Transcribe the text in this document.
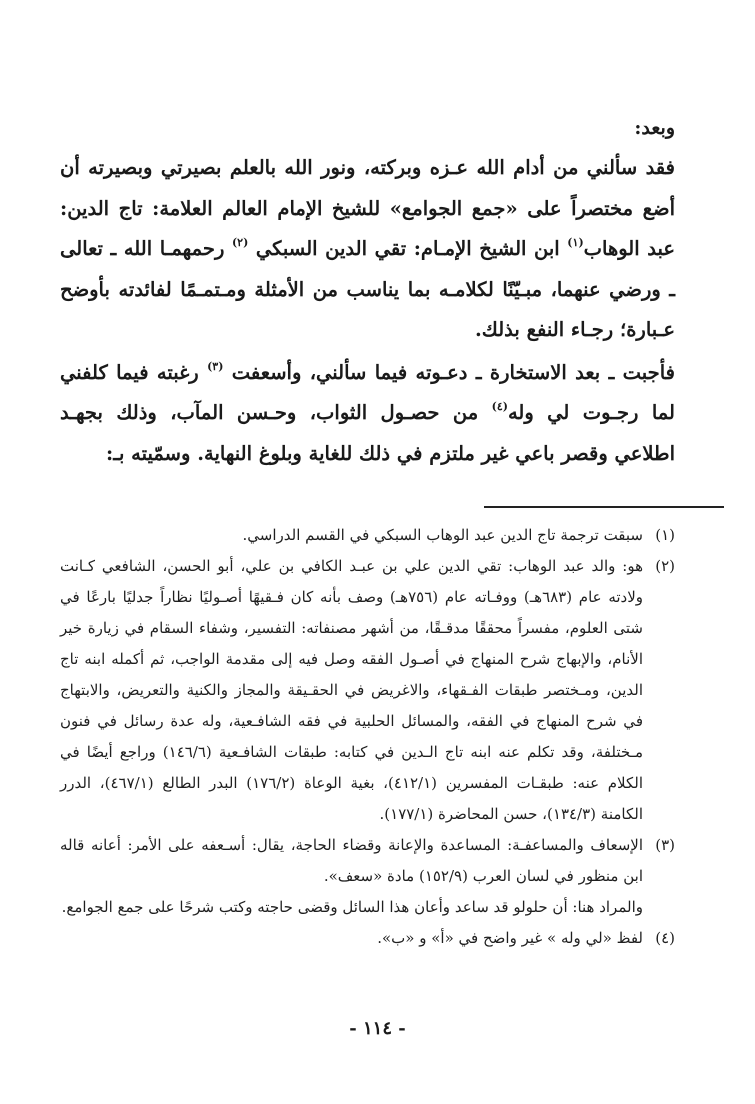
وبعد:

فقد سألني من أدام الله عـزه وبركته، ونور الله بالعلم بصيرتي وبصيرته أن أضع مختصراً على «جمع الجوامع» للشيخ الإمام العالم العلامة: تاج الدين: عبد الوهاب$^{(١)}$ ابن الشيخ الإمـام: تقي الدين السبكي $^{(٢)}$ رحمهمـا الله ـ تعالى ـ ورضي عنهما، مبـيّنًا لكلامـه بما يناسب من الأمثلة ومـتمـمًا لفائدته بأوضح عـبارة؛ رجـاء النفع بذلك.

فأجبت ـ بعد الاستخارة ـ دعـوته فيما سألني، وأسعفت $^{(٣)}$ رغبته فيما كلفني لما رجـوت لي وله$^{(٤)}$ من حصـول الثواب، وحـسن المآب، وذلك بجهـد اطلاعي وقصر باعي غير ملتزم في ذلك للغاية وبلوغ النهاية. وسمّيته بـ:

(١)
سبقت ترجمة تاج الدين عبد الوهاب السبكي في القسم الدراسي.

(٢)
هو: والد عبد الوهاب: تقي الدين علي بن عبـد الكافي بن علي، أبو الحسن، الشافعي كـانت ولادته عام (٦٨٣هـ) ووفـاته عام (٧٥٦هـ) وصف بأنه كان فـقيهًا أصـوليًا نظاراً جدليًا بارعًا في شتى العلوم، مفسراً محققًا مدقـقًا، من أشهر مصنفاته: التفسير، وشفاء السقام في زيارة خير الأنام، والإبهاج شرح المنهاج في أصـول الفقه وصل فيه إلى مقدمة الواجب، ثم أكمله ابنه تاج الدين، ومـختصر طبقات الفـقهاء، والاغريض في الحقـيقة والمجاز والكنية والتعريض، والابتهاج في شرح المنهاج في الفقه، والمسائل الحلبية في فقه الشافـعية، وله عدة رسائل في فنون مـختلفة، وقد تكلم عنه ابنه تاج الـدين في كتابه: طبقات الشافـعية (١٤٦/٦) وراجع أيضًا في الكلام عنه: طبقـات المفسرين (٤١٢/١)، بغية الوعاة (١٧٦/٢) البدر الطالع (٤٦٧/١)، الدرر الكامنة (١٣٤/٣)، حسن المحاضرة (١٧٧/١).

(٣)
الإسعاف والمساعفـة: المساعدة والإعانة وقضاء الحاجة، يقال: أسـعفه على الأمر: أعانه قاله ابن منظور في لسان العرب (١٥٢/٩) مادة «سعف».

والمراد هنا: أن حلولو قد ساعد وأعان هذا السائل وقضى حاجته وكتب شرحًا على جمع الجوامع.

(٤)
لفظ «لي وله » غير واضح في «أ» و «ب».

- ١١٤ -
